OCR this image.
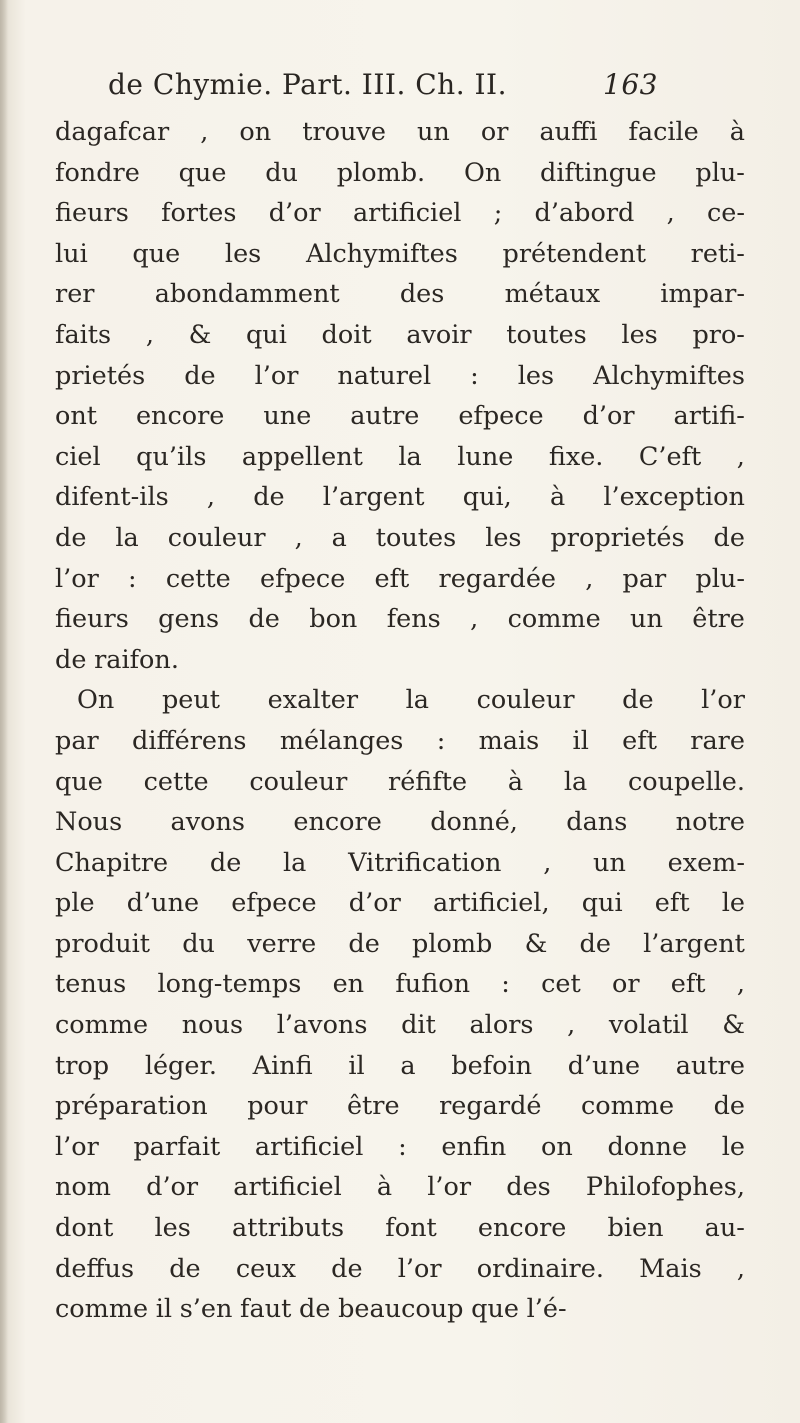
de Chymie. Part. III. Ch. II.	163
dagafcar , on trouve un or auffi facile à
fondre que du plomb. On diftingue plu-
fieurs fortes d’or artificiel ; d’abord , ce-
lui que les Alchymiftes prétendent reti-
rer abondamment des métaux impar-
faits , & qui doit avoir toutes les pro-
prietés de l’or naturel : les Alchymiftes
ont encore une autre efpece d’or artifi-
ciel qu’ils appellent la lune fixe. C’eft ,
difent-ils , de l’argent qui, à l’exception
de la couleur , a toutes les proprietés de
l’or : cette efpece eft regardée , par plu-
fieurs gens de bon fens , comme un être
de raifon.
On peut exalter la couleur de l’or
par différens mélanges : mais il eft rare
que cette couleur réfifte à la coupelle.
Nous avons encore donné, dans notre
Chapitre de la Vitrification , un exem-
ple d’une efpece d’or artificiel, qui eft le
produit du verre de plomb & de l’argent
tenus long-temps en fufion : cet or eft ,
comme nous l’avons dit alors , volatil &
trop léger. Ainfi il a befoin d’une autre
préparation pour être regardé comme de
l’or parfait artificiel : enfin on donne le
nom d’or artificiel à l’or des Philofophes,
dont les attributs font encore bien au-
deffus de ceux de l’or ordinaire. Mais ,
comme il s’en faut de beaucoup que l’é-
